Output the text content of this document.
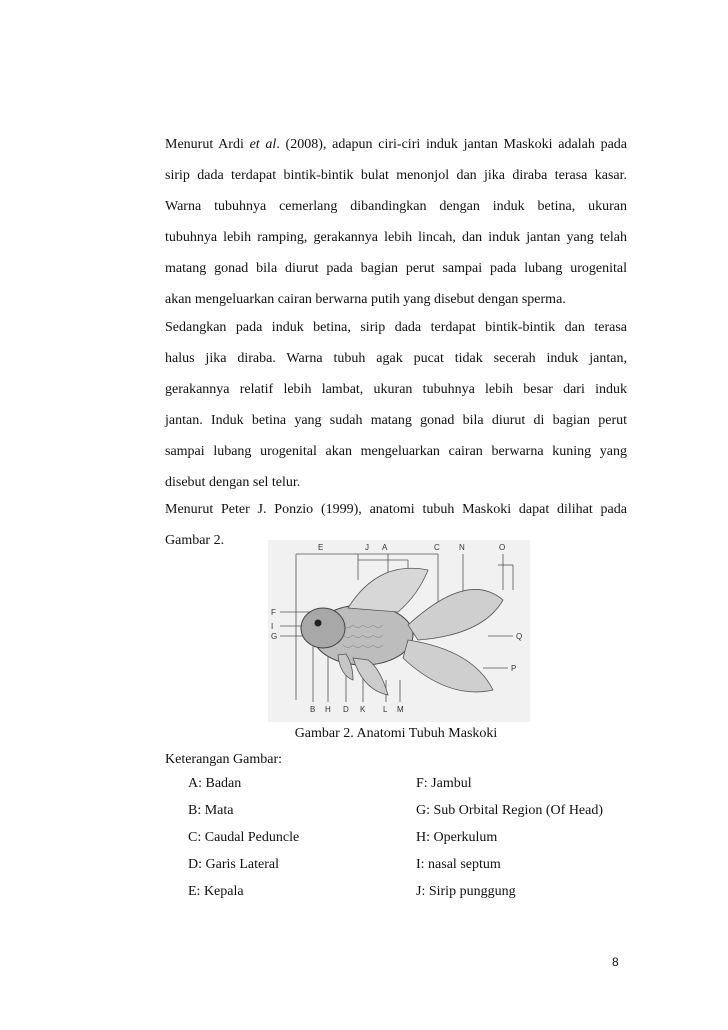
Menurut Ardi et al. (2008), adapun ciri-ciri induk jantan Maskoki adalah pada
sirip dada terdapat bintik-bintik bulat menonjol dan jika diraba terasa kasar.
Warna tubuhnya cemerlang dibandingkan dengan induk betina, ukuran
tubuhnya lebih ramping, gerakannya lebih lincah, dan induk jantan yang telah
matang gonad bila diurut pada bagian perut sampai pada lubang urogenital
akan mengeluarkan cairan berwarna putih yang disebut dengan sperma.
Sedangkan pada induk betina, sirip dada terdapat bintik-bintik dan terasa
halus jika diraba. Warna tubuh agak pucat tidak secerah induk jantan,
gerakannya relatif lebih lambat, ukuran tubuhnya lebih besar dari induk
jantan. Induk betina yang sudah matang gonad bila diurut di bagian perut
sampai lubang urogenital akan mengeluarkan cairan berwarna kuning yang
disebut dengan sel telur.
Menurut Peter J. Ponzio (1999), anatomi tubuh Maskoki dapat dilihat pada
Gambar 2.	E	J A	C N	O
F
I
G	Q
P
B H D K L M
Gambar 2. Anatomi Tubuh Maskoki
Keterangan Gambar:
A: Badan	F: Jambul
B: Mata	G: Sub Orbital Region (Of Head)
C: Caudal Peduncle	H: Operkulum
D: Garis Lateral	I: nasal septum
E: Kepala	J: Sirip punggung
8
